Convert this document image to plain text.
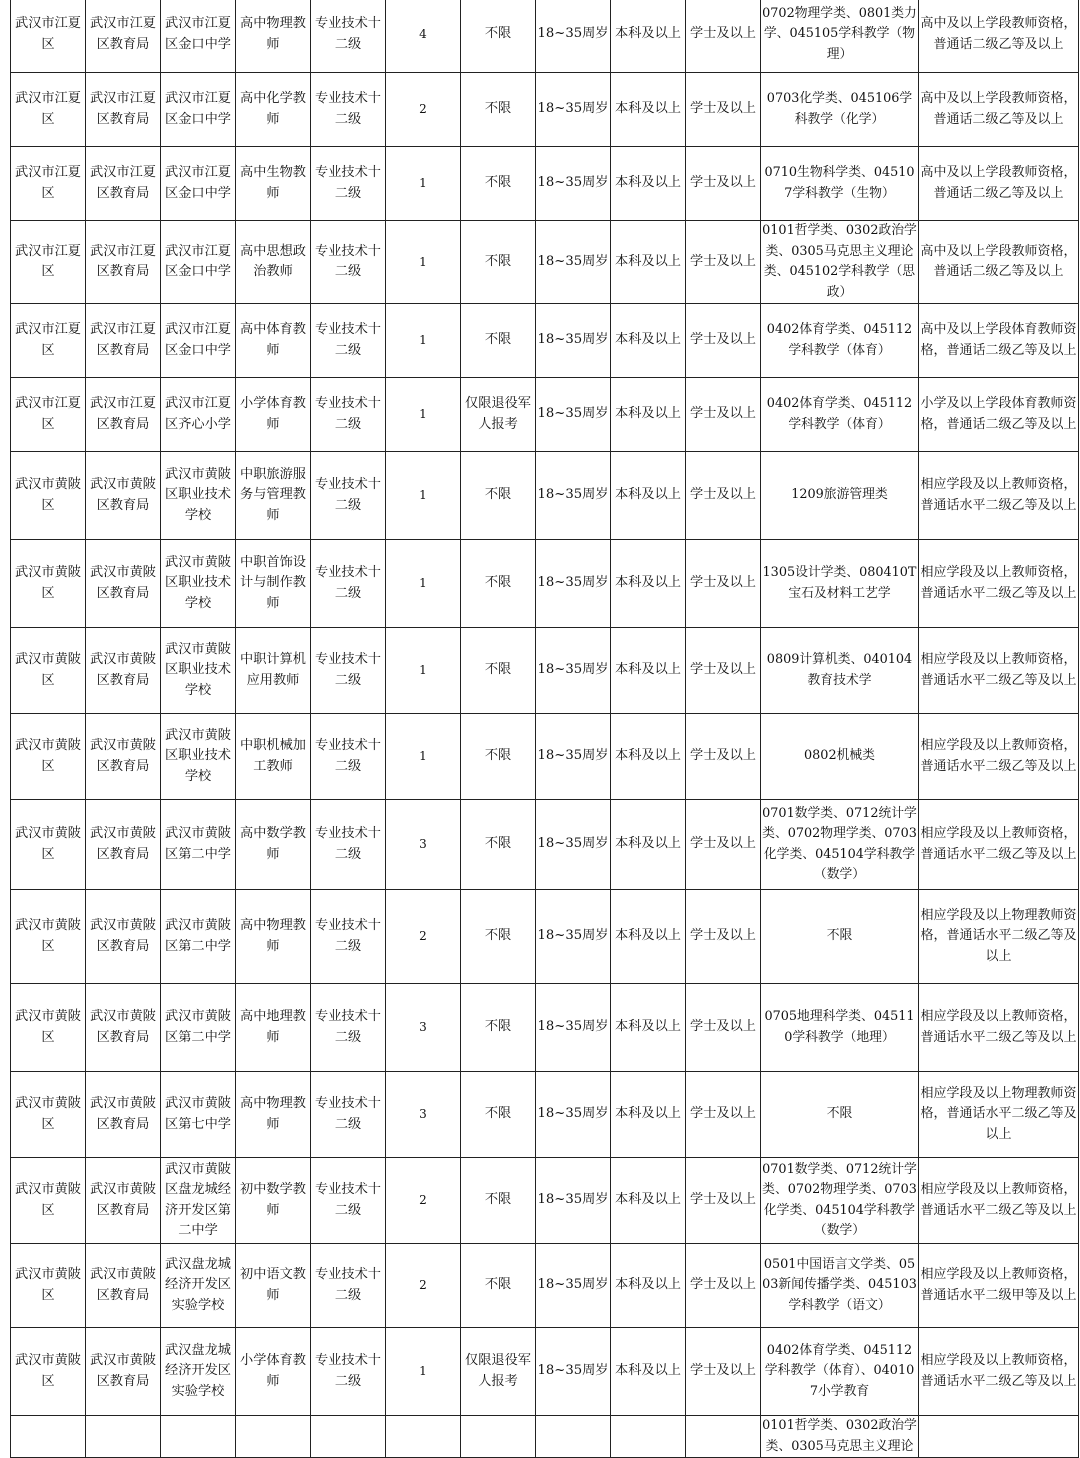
武汉市江夏区	武汉市江夏区教育局	武汉市江夏区金口中学	高中物理教师	专业技术十二级	4	不限	18~35周岁	本科及以上	学士及以上	0702物理学类、0801类力学、045105学科教学（物理）	高中及以上学段教师资格，普通话二级乙等及以上
武汉市江夏区	武汉市江夏区教育局	武汉市江夏区金口中学	高中化学教师	专业技术十二级	2	不限	18~35周岁	本科及以上	学士及以上	0703化学类、045106学科教学（化学）	高中及以上学段教师资格，普通话二级乙等及以上
武汉市江夏区	武汉市江夏区教育局	武汉市江夏区金口中学	高中生物教师	专业技术十二级	1	不限	18~35周岁	本科及以上	学士及以上	0710生物科学类、045107学科教学（生物）	高中及以上学段教师资格，普通话二级乙等及以上
武汉市江夏区	武汉市江夏区教育局	武汉市江夏区金口中学	高中思想政治教师	专业技术十二级	1	不限	18~35周岁	本科及以上	学士及以上	0101哲学类、0302政治学类、0305马克思主义理论类、045102学科教学（思政）	高中及以上学段教师资格，普通话二级乙等及以上
武汉市江夏区	武汉市江夏区教育局	武汉市江夏区金口中学	高中体育教师	专业技术十二级	1	不限	18~35周岁	本科及以上	学士及以上	0402体育学类、045112学科教学（体育）	高中及以上学段体育教师资格，普通话二级乙等及以上
武汉市江夏区	武汉市江夏区教育局	武汉市江夏区齐心小学	小学体育教师	专业技术十二级	1	仅限退役军人报考	18~35周岁	本科及以上	学士及以上	0402体育学类、045112学科教学（体育）	小学及以上学段体育教师资格，普通话二级乙等及以上
武汉市黄陂区	武汉市黄陂区教育局	武汉市黄陂区职业技术学校	中职旅游服务与管理教师	专业技术十二级	1	不限	18~35周岁	本科及以上	学士及以上	1209旅游管理类	相应学段及以上教师资格，普通话水平二级乙等及以上
武汉市黄陂区	武汉市黄陂区教育局	武汉市黄陂区职业技术学校	中职首饰设计与制作教师	专业技术十二级	1	不限	18~35周岁	本科及以上	学士及以上	1305设计学类、080410T宝石及材料工艺学	相应学段及以上教师资格，普通话水平二级乙等及以上
武汉市黄陂区	武汉市黄陂区教育局	武汉市黄陂区职业技术学校	中职计算机应用教师	专业技术十二级	1	不限	18~35周岁	本科及以上	学士及以上	0809计算机类、040104教育技术学	相应学段及以上教师资格，普通话水平二级乙等及以上
武汉市黄陂区	武汉市黄陂区教育局	武汉市黄陂区职业技术学校	中职机械加工教师	专业技术十二级	1	不限	18~35周岁	本科及以上	学士及以上	0802机械类	相应学段及以上教师资格，普通话水平二级乙等及以上
武汉市黄陂区	武汉市黄陂区教育局	武汉市黄陂区第二中学	高中数学教师	专业技术十二级	3	不限	18~35周岁	本科及以上	学士及以上	0701数学类、0712统计学类、0702物理学类、0703化学类、045104学科教学（数学）	相应学段及以上教师资格，普通话水平二级乙等及以上
武汉市黄陂区	武汉市黄陂区教育局	武汉市黄陂区第二中学	高中物理教师	专业技术十二级	2	不限	18~35周岁	本科及以上	学士及以上	不限	相应学段及以上物理教师资格，普通话水平二级乙等及以上
武汉市黄陂区	武汉市黄陂区教育局	武汉市黄陂区第二中学	高中地理教师	专业技术十二级	3	不限	18~35周岁	本科及以上	学士及以上	0705地理科学类、045110学科教学（地理）	相应学段及以上教师资格，普通话水平二级乙等及以上
武汉市黄陂区	武汉市黄陂区教育局	武汉市黄陂区第七中学	高中物理教师	专业技术十二级	3	不限	18~35周岁	本科及以上	学士及以上	不限	相应学段及以上物理教师资格，普通话水平二级乙等及以上
武汉市黄陂区	武汉市黄陂区教育局	武汉市黄陂区盘龙城经济开发区第二中学	初中数学教师	专业技术十二级	2	不限	18~35周岁	本科及以上	学士及以上	0701数学类、0712统计学类、0702物理学类、0703化学类、045104学科教学（数学）	相应学段及以上教师资格，普通话水平二级乙等及以上
武汉市黄陂区	武汉市黄陂区教育局	武汉盘龙城经济开发区实验学校	初中语文教师	专业技术十二级	2	不限	18~35周岁	本科及以上	学士及以上	0501中国语言文学类、0503新闻传播学类、045103学科教学（语文）	相应学段及以上教师资格，普通话水平二级甲等及以上
武汉市黄陂区	武汉市黄陂区教育局	武汉盘龙城经济开发区实验学校	小学体育教师	专业技术十二级	1	仅限退役军人报考	18~35周岁	本科及以上	学士及以上	0402体育学类、045112学科教学（体育）、040107小学教育	相应学段及以上教师资格，普通话水平二级乙等及以上
										0101哲学类、0302政治学类、0305马克思主义理论	
